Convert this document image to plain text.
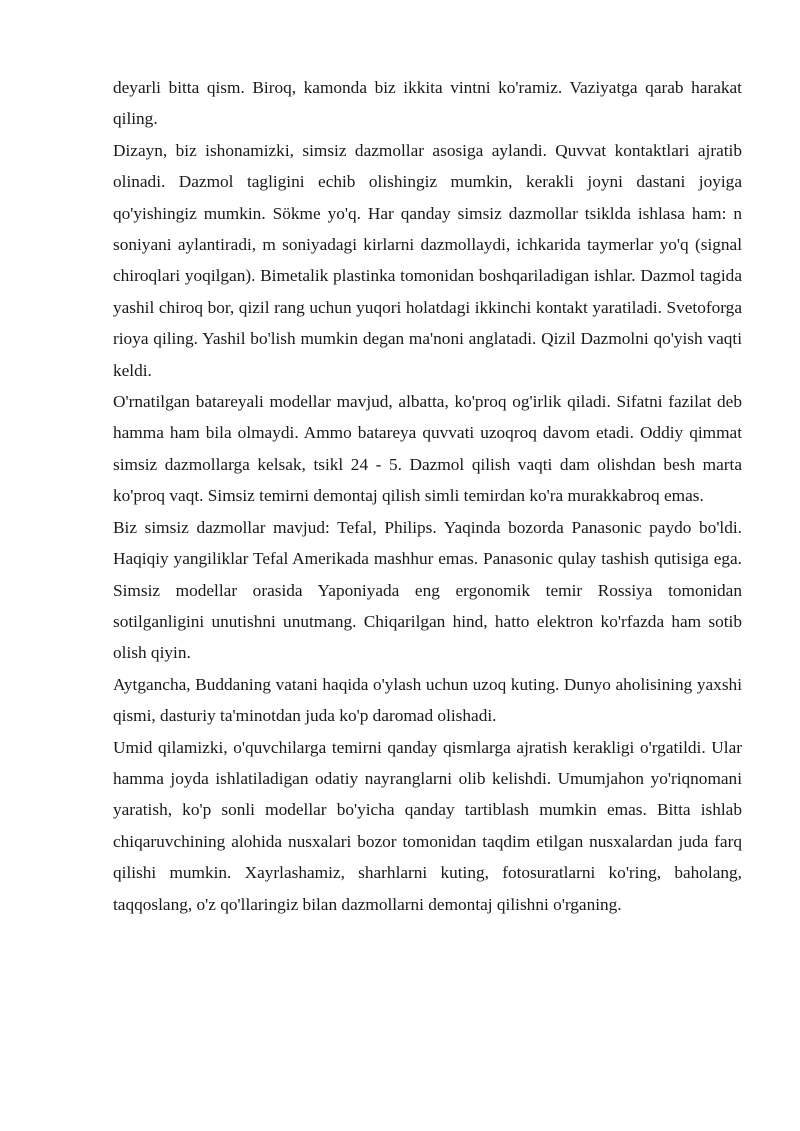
deyarli bitta qism. Biroq, kamonda biz ikkita vintni ko'ramiz. Vaziyatga qarab harakat qiling.

Dizayn, biz ishonamizki, simsiz dazmollar asosiga aylandi. Quvvat kontaktlari ajratib olinadi. Dazmol tagligini echib olishingiz mumkin, kerakli joyni dastani joyiga qo'yishingiz mumkin. Sökme yo'q. Har qanday simsiz dazmollar tsiklda ishlasa ham: n soniyani aylantiradi, m soniyadagi kirlarni dazmollaydi, ichkarida taymerlar yo'q (signal chiroqlari yoqilgan). Bimetalik plastinka tomonidan boshqariladigan ishlar. Dazmol tagida yashil chiroq bor, qizil rang uchun yuqori holatdagi ikkinchi kontakt yaratiladi. Svetoforga rioya qiling. Yashil bo'lish mumkin degan ma'noni anglatadi. Qizil Dazmolni qo'yish vaqti keldi.

O'rnatilgan batareyali modellar mavjud, albatta, ko'proq og'irlik qiladi. Sifatni fazilat deb hamma ham bila olmaydi. Ammo batareya quvvati uzoqroq davom etadi. Oddiy qimmat simsiz dazmollarga kelsak, tsikl 24 - 5. Dazmol qilish vaqti dam olishdan besh marta ko'proq vaqt. Simsiz temirni demontaj qilish simli temirdan ko'ra murakkabroq emas.

Biz simsiz dazmollar mavjud: Tefal, Philips. Yaqinda bozorda Panasonic paydo bo'ldi. Haqiqiy yangiliklar Tefal Amerikada mashhur emas. Panasonic qulay tashish qutisiga ega. Simsiz modellar orasida Yaponiyada eng ergonomik temir Rossiya tomonidan sotilganligini unutishni unutmang. Chiqarilgan hind, hatto elektron ko'rfazda ham sotib olish qiyin.

Aytgancha, Buddaning vatani haqida o'ylash uchun uzoq kuting. Dunyo aholisining yaxshi qismi, dasturiy ta'minotdan juda ko'p daromad olishadi.

Umid qilamizki, o'quvchilarga temirni qanday qismlarga ajratish kerakligi o'rgatildi. Ular hamma joyda ishlatiladigan odatiy nayranglarni olib kelishdi. Umumjahon yo'riqnomani yaratish, ko'p sonli modellar bo'yicha qanday tartiblash mumkin emas. Bitta ishlab chiqaruvchining alohida nusxalari bozor tomonidan taqdim etilgan nusxalardan juda farq qilishi mumkin. Xayrlashamiz, sharhlarni kuting, fotosuratlarni ko'ring, baholang, taqqoslang, o'z qo'llaringiz bilan dazmollarni demontaj qilishni o'rganing.
